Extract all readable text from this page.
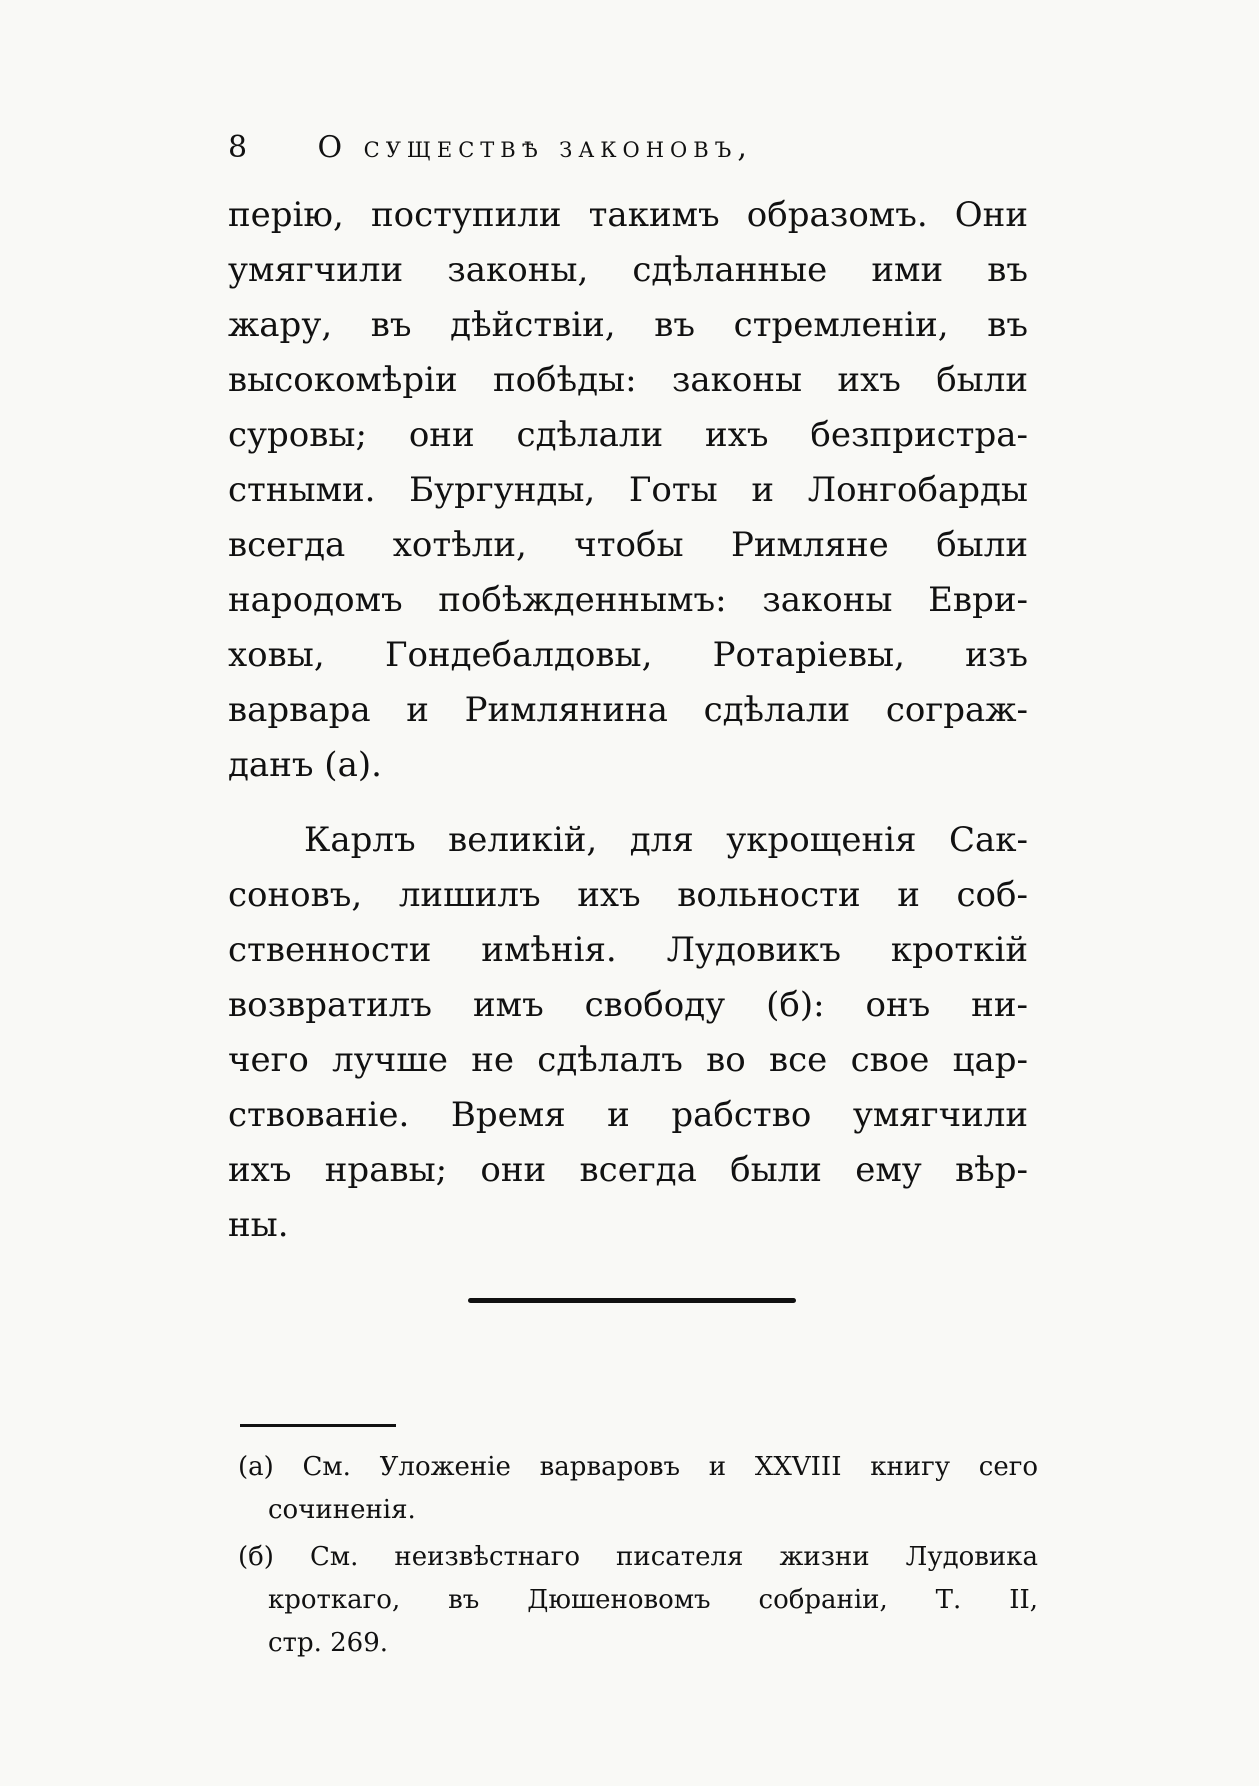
8 О существѣ законовъ,
перію, поступили такимъ образомъ. Они
умягчили законы, сдѣланные ими въ
жару, въ дѣйствіи, въ стремленіи, въ
высокомѣріи побѣды: законы ихъ были
суровы; они сдѣлали ихъ безпристра-
стными. Бургунды, Готы и Лонгобарды
всегда хотѣли, чтобы Римляне были
народомъ побѣжденнымъ: законы Еври-
ховы, Гондебалдовы, Ротаріевы, изъ
варвара и Римлянина сдѣлали сограж-
данъ (а).
Карлъ великій, для укрощенія Сак-
соновъ, лишилъ ихъ вольности и соб-
ственности имѣнія. Лудовикъ кроткій
возвратилъ имъ свободу (б): онъ ни-
чего лучше не сдѣлалъ во все свое цар-
ствованіе. Время и рабство умягчили
ихъ нравы; они всегда были ему вѣр-
ны.
(а) См. Уложеніе варваровъ и XXVIII книгу сего
сочиненія.
(б) См. неизвѣстнаго писателя жизни Лудовика
кроткаго, въ Дюшеновомъ собраніи, Т. II,
стр. 269.
